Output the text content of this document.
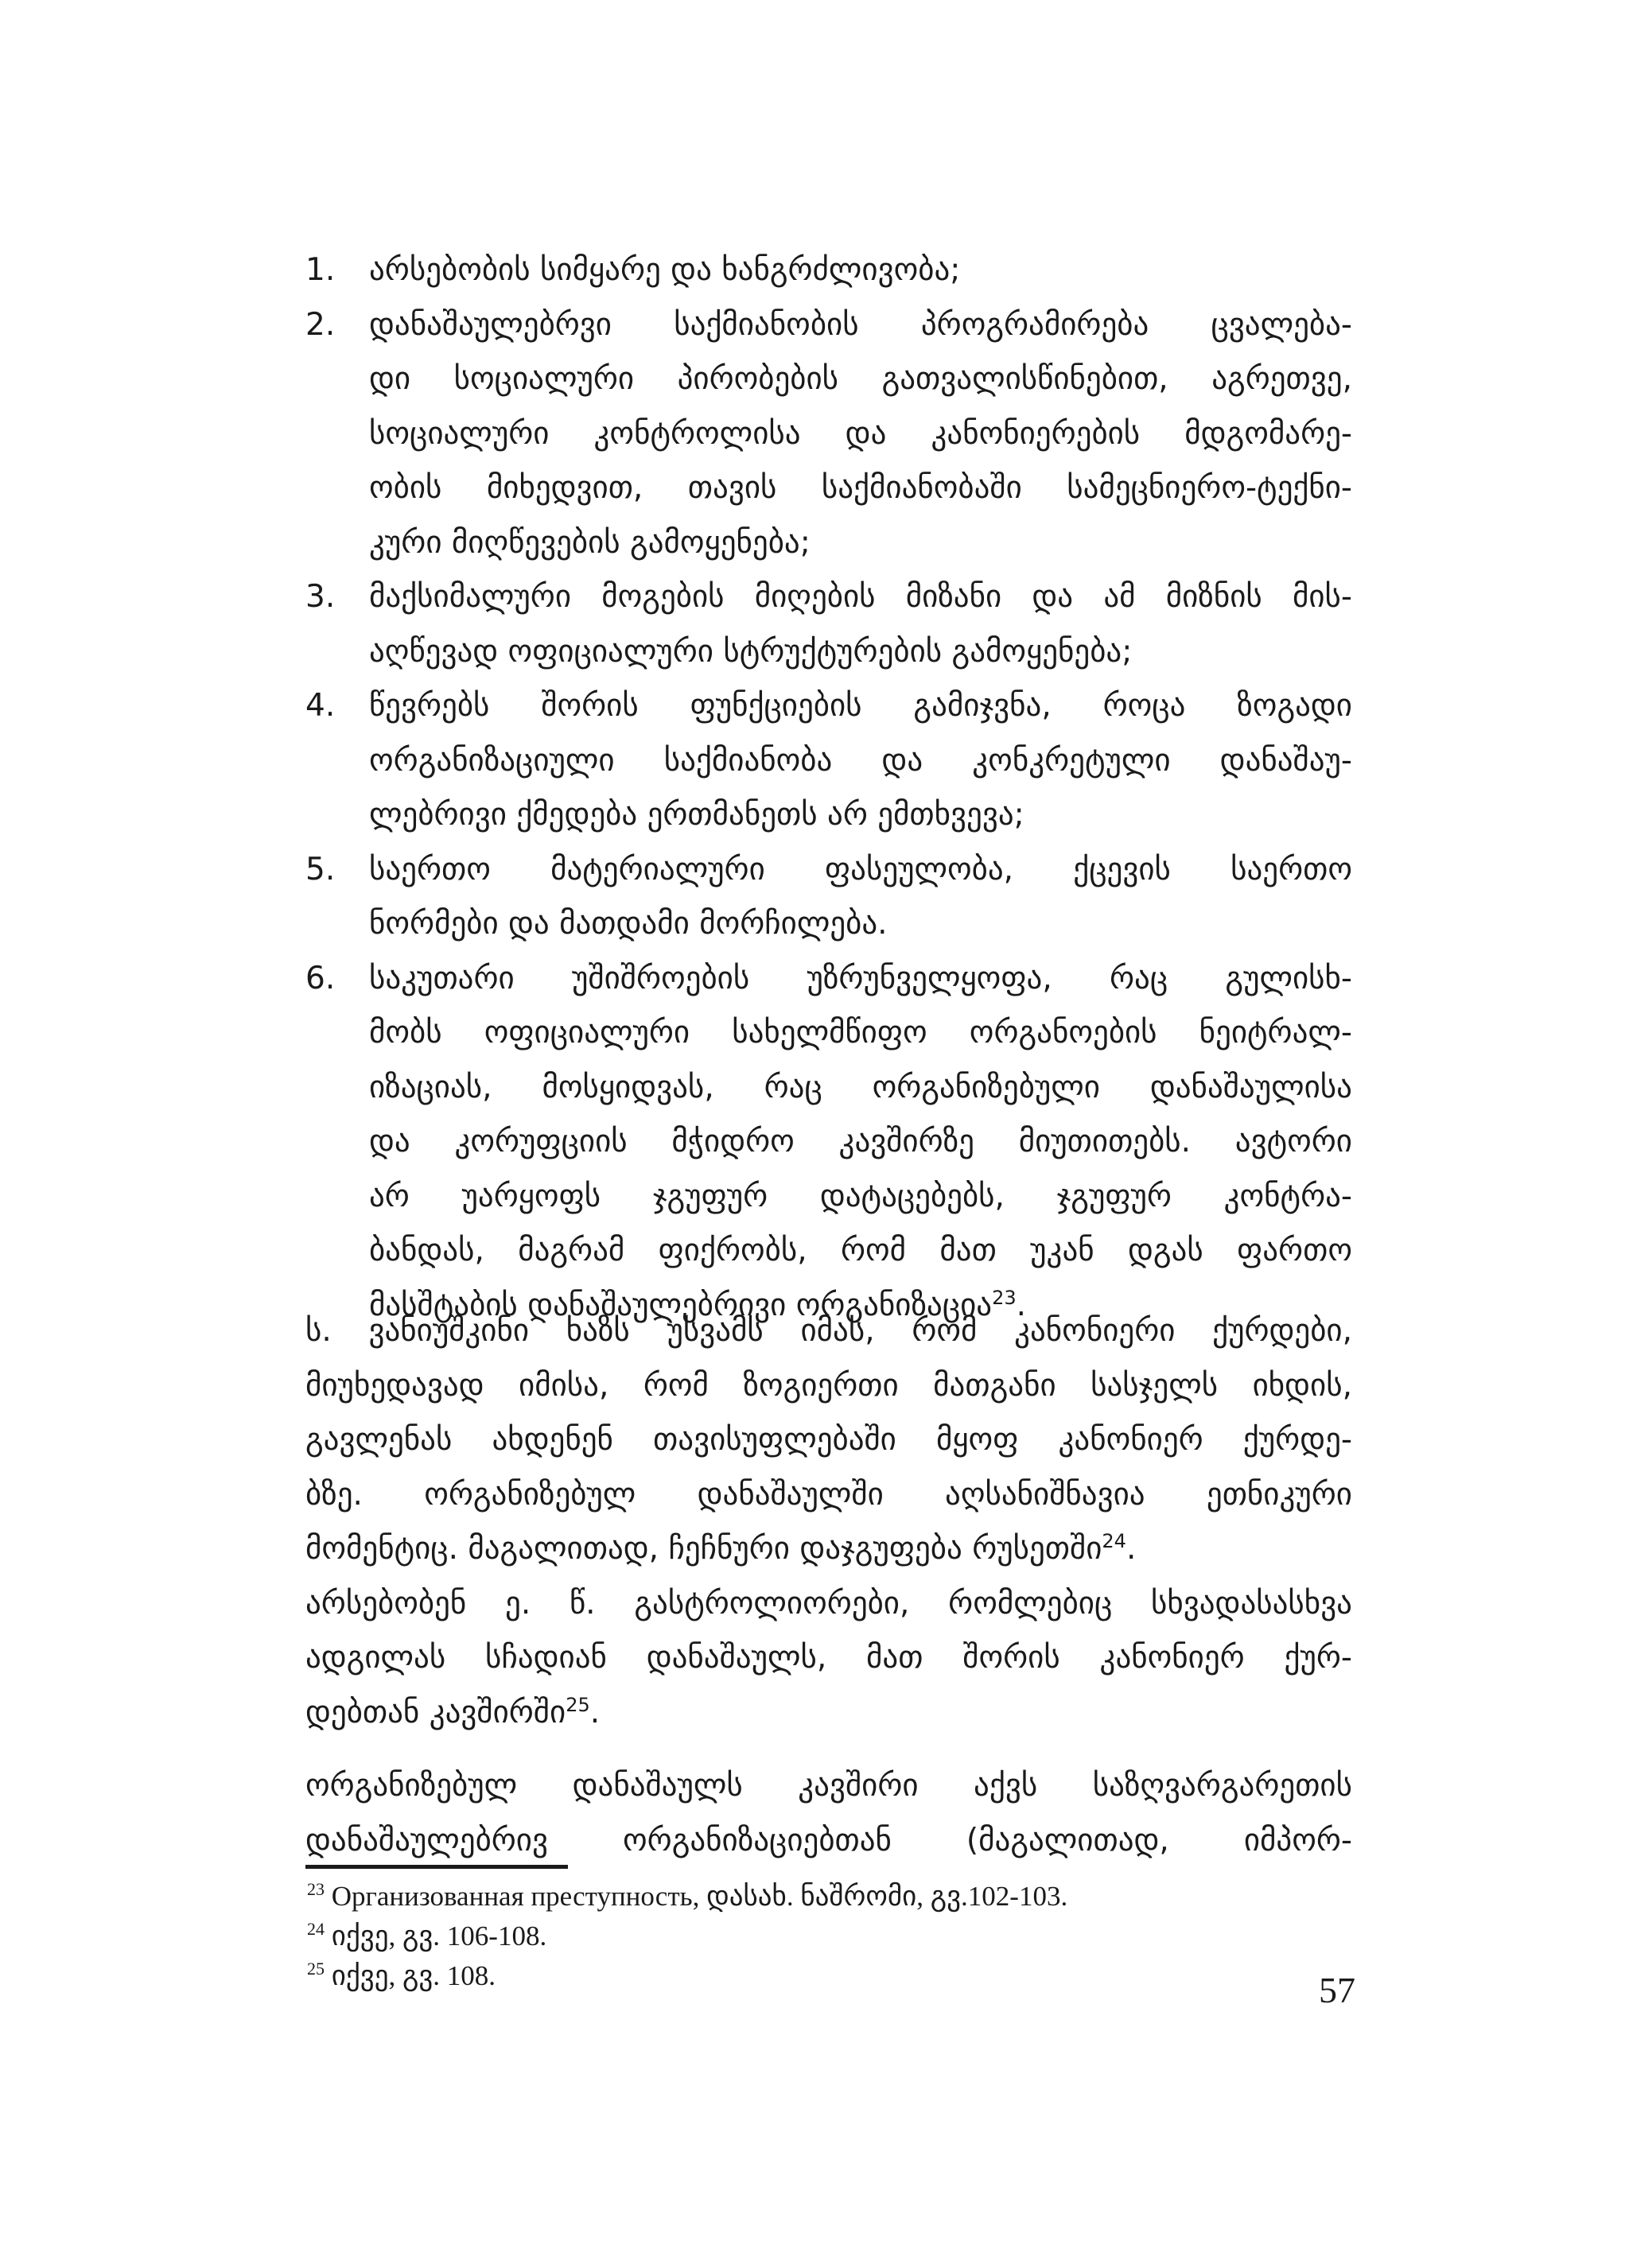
1.	არსებობის სიმყარე და ხანგრძლივობა;
2.	დანაშაულებრვი საქმიანობის პროგრამირება ცვალება-
დი სოციალური პირობების გათვალისწინებით, აგრეთვე,
სოციალური კონტროლისა და კანონიერების მდგომარე-
ობის მიხედვით, თავის საქმიანობაში სამეცნიერო-ტექნი-
კური მიღწევების გამოყენება;
3.	მაქსიმალური მოგების მიღების მიზანი და ამ მიზნის მის-
აღწევად ოფიციალური სტრუქტურების გამოყენება;
4.	წევრებს შორის ფუნქციების გამიჯვნა, როცა ზოგადი
ორგანიზაციული საქმიანობა და კონკრეტული დანაშაუ-
ლებრივი ქმედება ერთმანეთს არ ემთხვევა;
5.	საერთო მატერიალური ფასეულობა, ქცევის საერთო
ნორმები და მათდამი მორჩილება.
6.	საკუთარი უშიშროების უზრუნველყოფა, რაც გულისხ-
მობს ოფიციალური სახელმწიფო ორგანოების ნეიტრალ-
იზაციას, მოსყიდვას, რაც ორგანიზებული დანაშაულისა
და კორუფციის მჭიდრო კავშირზე მიუთითებს. ავტორი
არ უარყოფს ჯგუფურ დატაცებებს, ჯგუფურ კონტრა-
ბანდას, მაგრამ ფიქრობს, რომ მათ უკან დგას ფართო
მასშტაბის დანაშაულებრივი ორგანიზაცია$^{23}$.
ს. ვანიუშკინი ხაზს უსვამს იმას, რომ კანონიერი ქურდები,
მიუხედავად იმისა, რომ ზოგიერთი მათგანი სასჯელს იხდის,
გავლენას ახდენენ თავისუფლებაში მყოფ კანონიერ ქურდე-
ბზე. ორგანიზებულ დანაშაულში აღსანიშნავია ეთნიკური
მომენტიც. მაგალითად, ჩეჩნური დაჯგუფება რუსეთში$^{24}$.
არსებობენ ე. წ. გასტროლიორები, რომლებიც სხვადასასხვა
ადგილას სჩადიან დანაშაულს, მათ შორის კანონიერ ქურ-
დებთან კავშირში$^{25}$.
ორგანიზებულ დანაშაულს კავშირი აქვს საზღვარგარეთის
დანაშაულებრივ ორგანიზაციებთან (მაგალითად, იმპორ-
$^{23}$ Организованная преступность, დასახ. ნაშრომი, გვ.102-103.
$^{24}$ იქვე, გვ. 106-108.
$^{25}$ იქვე, გვ. 108.	57
